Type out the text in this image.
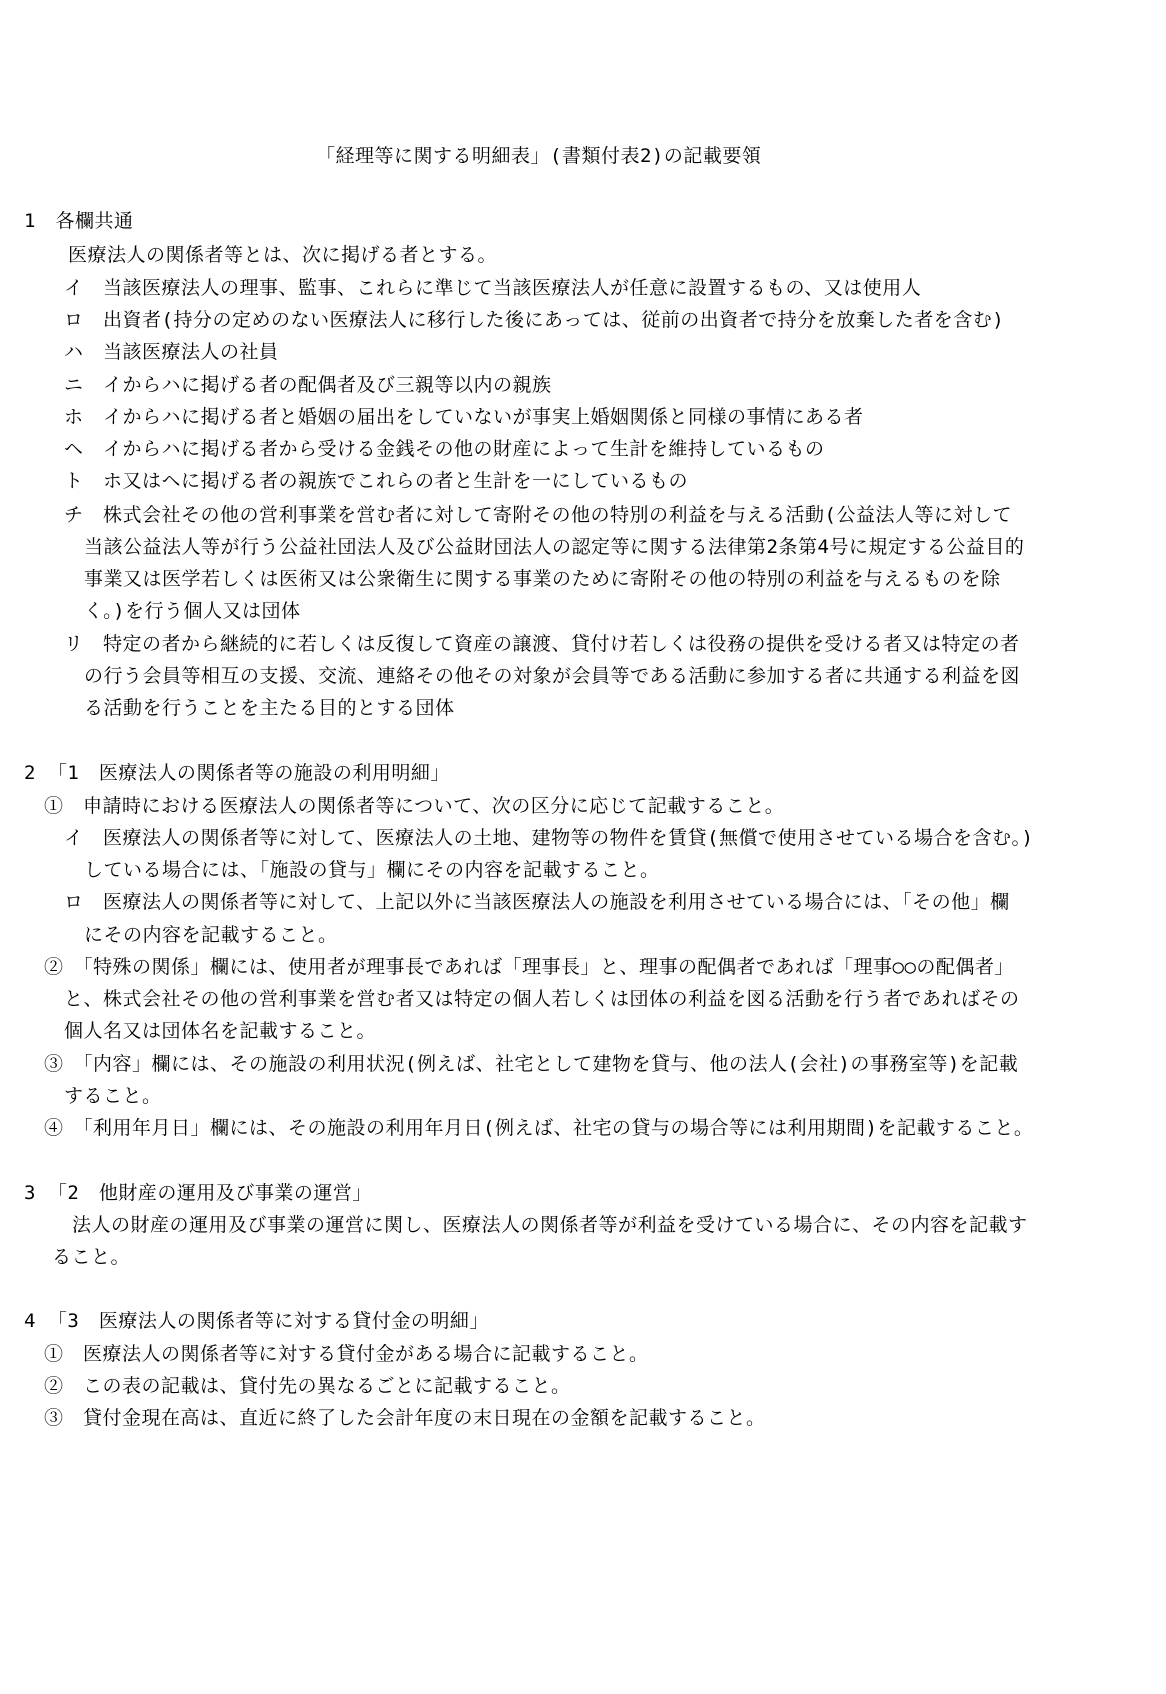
「経理等に関する明細表」(書類付表2)の記載要領
1　各欄共通
医療法人の関係者等とは、次に掲げる者とする。
イ　当該医療法人の理事、監事、これらに準じて当該医療法人が任意に設置するもの、又は使用人
ロ　出資者(持分の定めのない医療法人に移行した後にあっては、従前の出資者で持分を放棄した者を含む)
ハ　当該医療法人の社員
ニ　イからハに掲げる者の配偶者及び三親等以内の親族
ホ　イからハに掲げる者と婚姻の届出をしていないが事実上婚姻関係と同様の事情にある者
ヘ　イからハに掲げる者から受ける金銭その他の財産によって生計を維持しているもの
ト　ホ又はヘに掲げる者の親族でこれらの者と生計を一にしているもの
チ　株式会社その他の営利事業を営む者に対して寄附その他の特別の利益を与える活動(公益法人等に対して
当該公益法人等が行う公益社団法人及び公益財団法人の認定等に関する法律第2条第4号に規定する公益目的
事業又は医学若しくは医術又は公衆衛生に関する事業のために寄附その他の特別の利益を与えるものを除
く。)を行う個人又は団体
リ　特定の者から継続的に若しくは反復して資産の譲渡、貸付け若しくは役務の提供を受ける者又は特定の者
の行う会員等相互の支援、交流、連絡その他その対象が会員等である活動に参加する者に共通する利益を図
る活動を行うことを主たる目的とする団体
2 「1　医療法人の関係者等の施設の利用明細」
①　申請時における医療法人の関係者等について、次の区分に応じて記載すること。
イ　医療法人の関係者等に対して、医療法人の土地、建物等の物件を賃貸(無償で使用させている場合を含む。)
している場合には、「施設の貸与」欄にその内容を記載すること。
ロ　医療法人の関係者等に対して、上記以外に当該医療法人の施設を利用させている場合には、「その他」欄
にその内容を記載すること。
②　「特殊の関係」欄には、使用者が理事長であれば「理事長」と、理事の配偶者であれば「理事○○の配偶者」
と、株式会社その他の営利事業を営む者又は特定の個人若しくは団体の利益を図る活動を行う者であればその
個人名又は団体名を記載すること。
③　「内容」欄には、その施設の利用状況(例えば、社宅として建物を貸与、他の法人(会社)の事務室等)を記載
すること。
④　「利用年月日」欄には、その施設の利用年月日(例えば、社宅の貸与の場合等には利用期間)を記載すること。
3 「2　他財産の運用及び事業の運営」
法人の財産の運用及び事業の運営に関し、医療法人の関係者等が利益を受けている場合に、その内容を記載す
ること。
4 「3　医療法人の関係者等に対する貸付金の明細」
①　医療法人の関係者等に対する貸付金がある場合に記載すること。
②　この表の記載は、貸付先の異なるごとに記載すること。
③　貸付金現在高は、直近に終了した会計年度の末日現在の金額を記載すること。
